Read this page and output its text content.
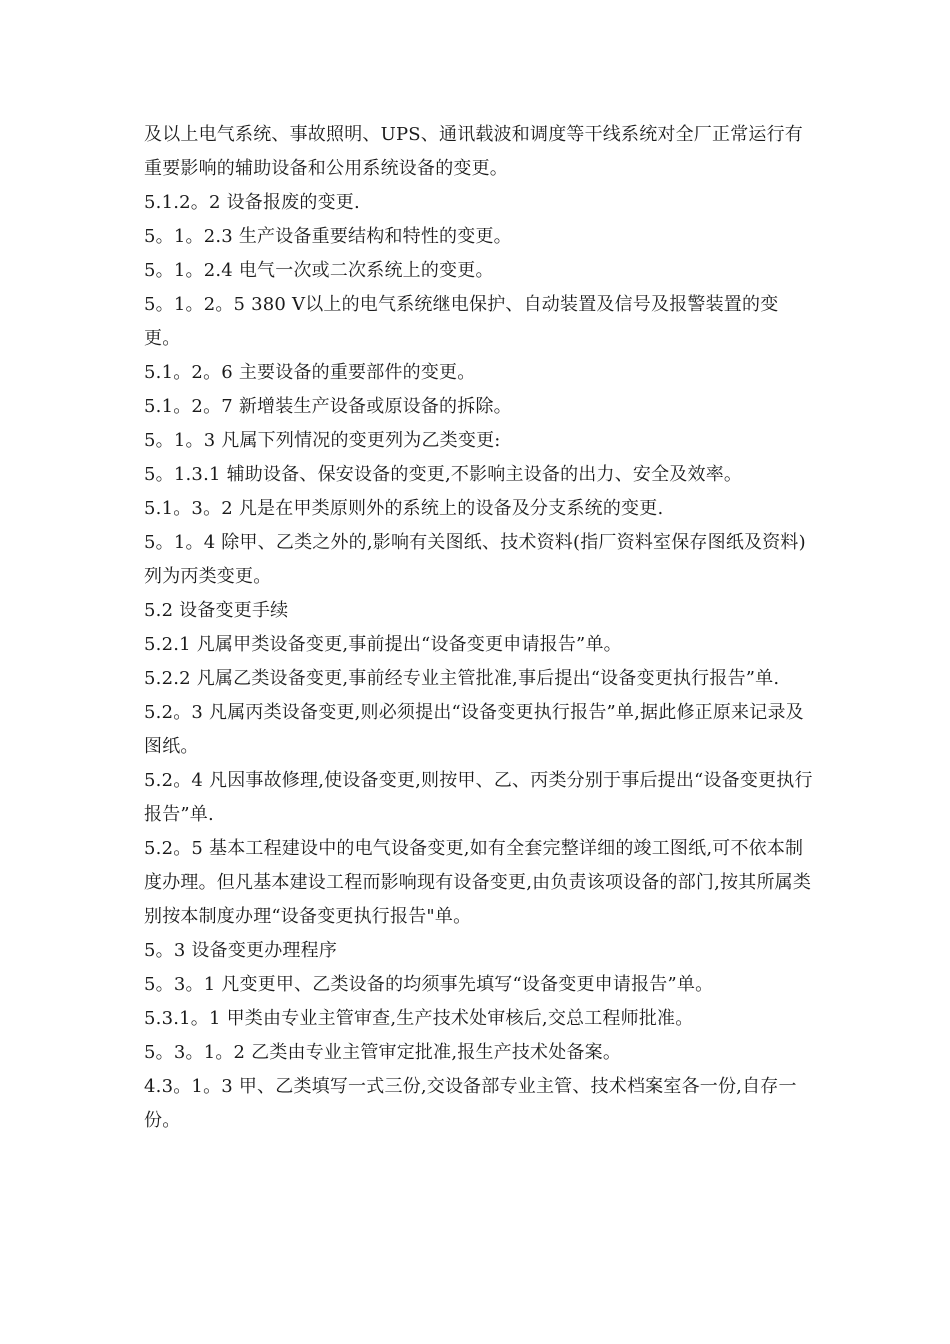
及以上电气系统、事故照明、UPS、通讯载波和调度等干线系统对全厂正常运行有重要影响的辅助设备和公用系统设备的变更。

5.1.2。2 设备报废的变更.

5。1。2.3 生产设备重要结构和特性的变更。

5。1。2.4 电气一次或二次系统上的变更。

5。1。2。5 380 V以上的电气系统继电保护、自动装置及信号及报警装置的变更。

5.1。2。6 主要设备的重要部件的变更。

5.1。2。7 新增装生产设备或原设备的拆除。

5。1。3 凡属下列情况的变更列为乙类变更:

5。1.3.1 辅助设备、保安设备的变更,不影响主设备的出力、安全及效率。

5.1。3。2 凡是在甲类原则外的系统上的设备及分支系统的变更.

5。1。4 除甲、乙类之外的,影响有关图纸、技术资料(指厂资料室保存图纸及资料)列为丙类变更。

5.2 设备变更手续

5.2.1 凡属甲类设备变更,事前提出“设备变更申请报告”单。

5.2.2 凡属乙类设备变更,事前经专业主管批准,事后提出“设备变更执行报告”单.

5.2。3 凡属丙类设备变更,则必须提出“设备变更执行报告”单,据此修正原来记录及图纸。

5.2。4 凡因事故修理,使设备变更,则按甲、乙、丙类分别于事后提出“设备变更执行报告”单.

5.2。5 基本工程建设中的电气设备变更,如有全套完整详细的竣工图纸,可不依本制度办理。但凡基本建设工程而影响现有设备变更,由负责该项设备的部门,按其所属类别按本制度办理“设备变更执行报告"单。

5。3 设备变更办理程序

5。3。1 凡变更甲、乙类设备的均须事先填写“设备变更申请报告”单。

5.3.1。1 甲类由专业主管审查,生产技术处审核后,交总工程师批准。

5。3。1。2 乙类由专业主管审定批准,报生产技术处备案。

4.3。1。3 甲、乙类填写一式三份,交设备部专业主管、技术档案室各一份,自存一份。
